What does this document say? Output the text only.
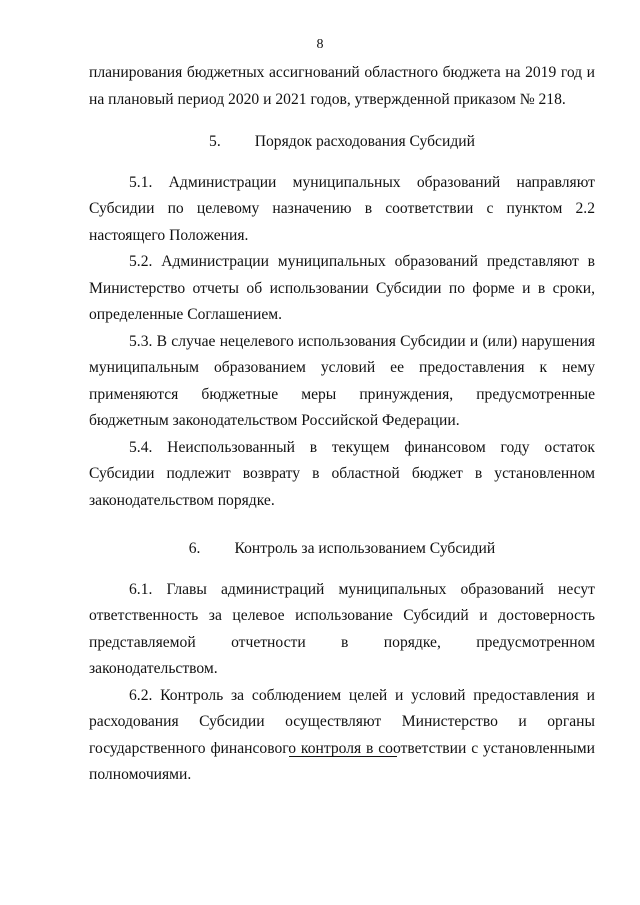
8

планирования бюджетных ассигнований областного бюджета на 2019 год и на плановый период 2020 и 2021 годов, утвержденной приказом № 218.

5. Порядок расходования Субсидий

5.1. Администрации муниципальных образований направляют Субсидии по целевому назначению в соответствии с пунктом 2.2 настоящего Положения.

5.2. Администрации муниципальных образований представляют в Министерство отчеты об использовании Субсидии по форме и в сроки, определенные Соглашением.

5.3. В случае нецелевого использования Субсидии и (или) нарушения муниципальным образованием условий ее предоставления к нему применяются бюджетные меры принуждения, предусмотренные бюджетным законодательством Российской Федерации.

5.4. Неиспользованный в текущем финансовом году остаток Субсидии подлежит возврату в областной бюджет в установленном законодательством порядке.

6. Контроль за использованием Субсидий

6.1. Главы администраций муниципальных образований несут ответственность за целевое использование Субсидий и достоверность представляемой отчетности в порядке, предусмотренном законодательством.

6.2. Контроль за соблюдением целей и условий предоставления и расходования Субсидии осуществляют Министерство и органы государственного финансового контроля в соответствии с установленными полномочиями.
